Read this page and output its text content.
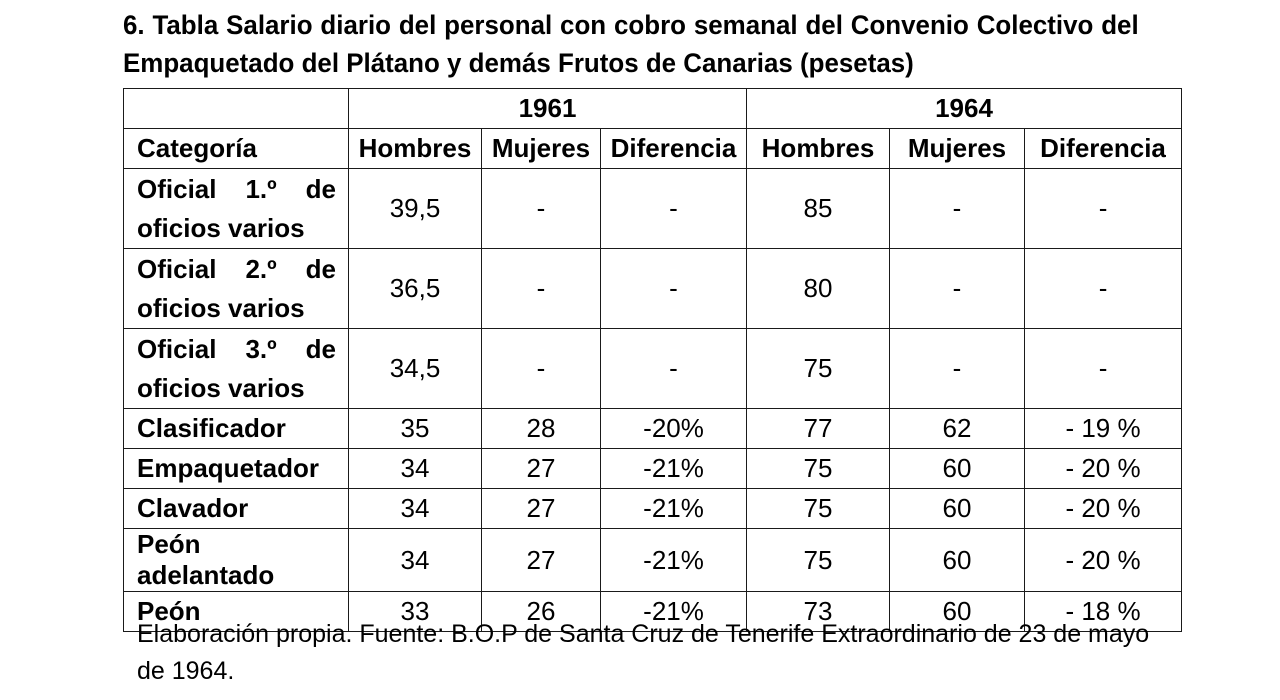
6. Tabla Salario diario del personal con cobro semanal del Convenio Colectivo del
Empaquetado del Plátano y demás Frutos de Canarias (pesetas)
	1961			1964		
Categoría	Hombres	Mujeres	Diferencia	Hombres	Mujeres	Diferencia

Oficial 1.º de
oficios varios	39,5	-	-	85	-	-

Oficial 2.º de
oficios varios	36,5	-	-	80	-	-

Oficial 3.º de
oficios varios	34,5	-	-	75	-	-
Clasificador	35	28	-20%	77	62	- 19 %
Empaquetador	34	27	-21%	75	60	- 20 %
Clavador	34	27	-21%	75	60	- 20 %
Peón adelantado	34	27	-21%	75	60	- 20 %
Peón	33	26	-21%	73	60	- 18 %
Elaboración propia. Fuente: B.O.P de Santa Cruz de Tenerife Extraordinario de 23 de mayo de 1964.
